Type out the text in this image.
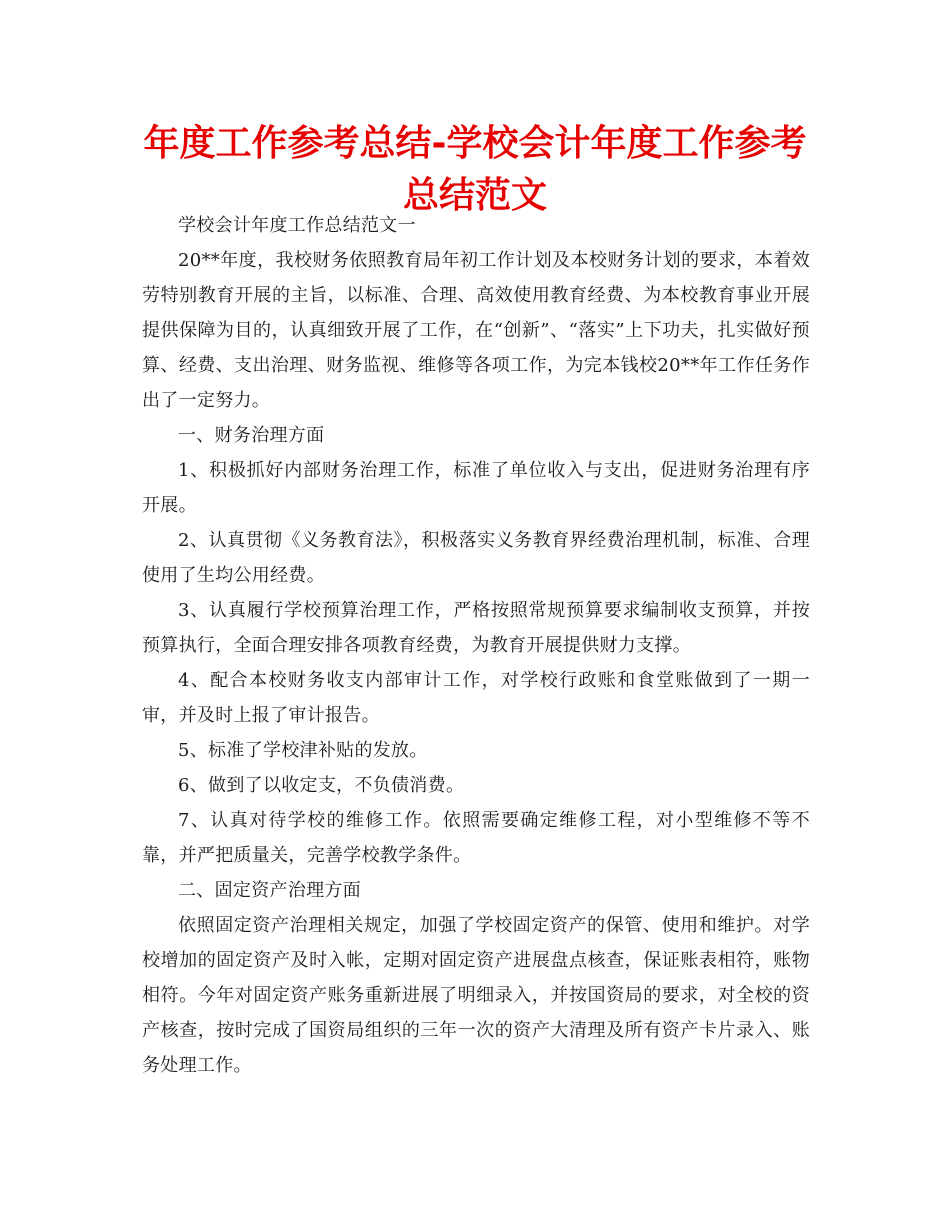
年度工作参考总结-学校会计年度工作参考总结范文

学校会计年度工作总结范文一

20**年度，我校财务依照教育局年初工作计划及本校财务计划的要求，本着效劳特别教育开展的主旨，以标准、合理、高效使用教育经费、为本校教育事业开展提供保障为目的，认真细致开展了工作，在“创新”、“落实”上下功夫，扎实做好预算、经费、支出治理、财务监视、维修等各项工作，为完本钱校20**年工作任务作出了一定努力。

一、财务治理方面

1、积极抓好内部财务治理工作，标准了单位收入与支出，促进财务治理有序开展。

2、认真贯彻《义务教育法》，积极落实义务教育界经费治理机制，标准、合理使用了生均公用经费。

3、认真履行学校预算治理工作，严格按照常规预算要求编制收支预算，并按预算执行，全面合理安排各项教育经费，为教育开展提供财力支撑。

4、配合本校财务收支内部审计工作，对学校行政账和食堂账做到了一期一审，并及时上报了审计报告。

5、标准了学校津补贴的发放。

6、做到了以收定支，不负债消费。

7、认真对待学校的维修工作。依照需要确定维修工程，对小型维修不等不靠，并严把质量关，完善学校教学条件。

二、固定资产治理方面

依照固定资产治理相关规定，加强了学校固定资产的保管、使用和维护。对学校增加的固定资产及时入帐，定期对固定资产进展盘点核查，保证账表相符，账物相符。今年对固定资产账务重新进展了明细录入，并按国资局的要求，对全校的资产核查，按时完成了国资局组织的三年一次的资产大清理及所有资产卡片录入、账务处理工作。
